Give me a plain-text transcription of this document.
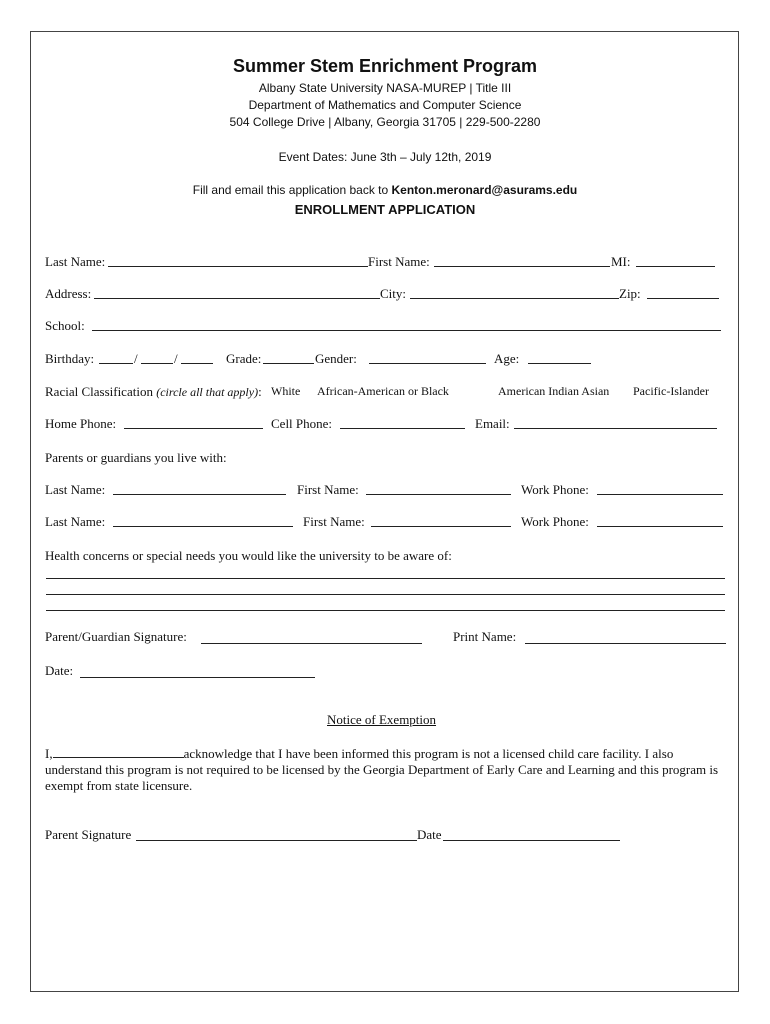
Summer Stem Enrichment Program
Albany State University NASA-MUREP | Title III
Department of Mathematics and Computer Science
504 College Drive | Albany, Georgia 31705 | 229-500-2280
Event Dates: June 3th – July 12th, 2019
Fill and email this application back to Kenton.meronard@asurams.edu
ENROLLMENT APPLICATION
Last Name:	First Name:	MI:
Address:	City:	Zip:
School:
Birthday:	/	/	Grade:	Gender:	Age:
Racial Classification (circle all that apply): White African-American or Black	American Indian Asian Pacific-Islander
Home Phone:	Cell Phone:	Email:
Parents or guardians you live with:
Last Name:	First Name:	Work Phone:
Last Name:	First Name:	Work Phone:
Health concerns or special needs you would like the university to be aware of:
Parent/Guardian Signature:	Print Name:
Date:
Notice of Exemption
I,	acknowledge that I have been informed this program is not a licensed child care facility. I also understand this program is not required to be licensed by the Georgia Department of Early Care and Learning and this program is exempt from state licensure.
Parent Signature	Date
